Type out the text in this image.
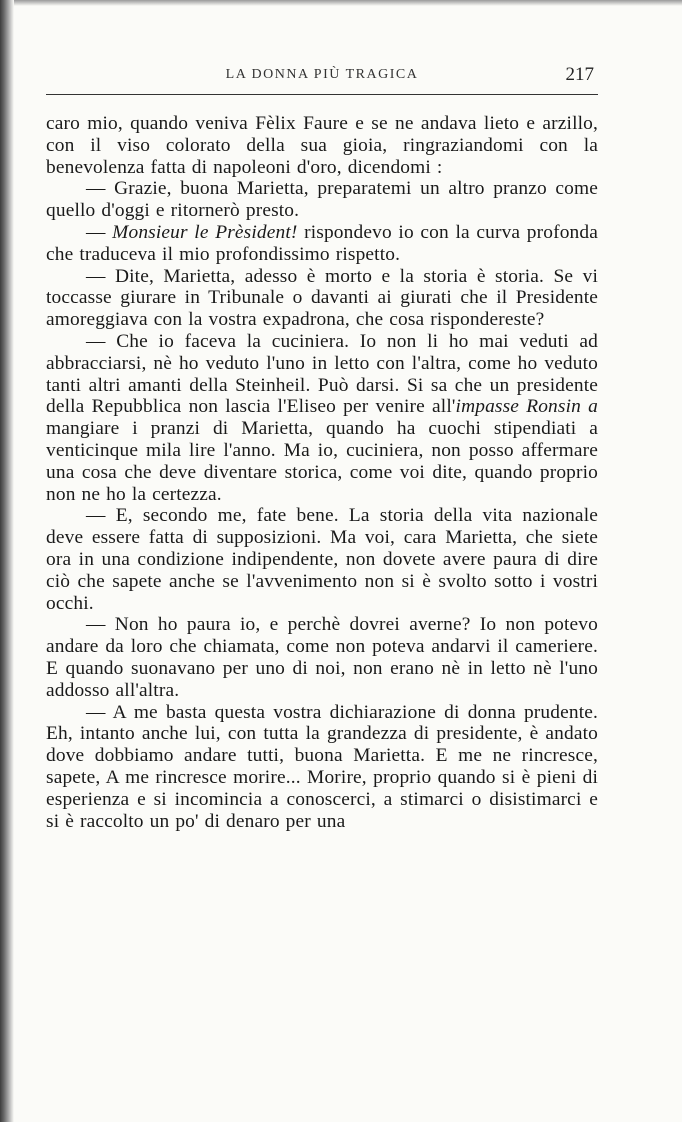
LA DONNA PIÙ TRAGICA	217

caro mio, quando veniva Fèlix Faure e se ne andava lieto e arzillo, con il viso colorato della sua gioia, ringraziandomi con la benevolenza fatta di napoleoni d'oro, dicendomi :

— Grazie, buona Marietta, preparatemi un altro pranzo come quello d'oggi e ritornerò presto.

— Monsieur le Prèsident! rispondevo io con la curva profonda che traduceva il mio profondissimo rispetto.

— Dite, Marietta, adesso è morto e la storia è storia. Se vi toccasse giurare in Tribunale o davanti ai giurati che il Presidente amoreggiava con la vostra expadrona, che cosa rispondereste?

— Che io faceva la cuciniera. Io non li ho mai veduti ad abbracciarsi, nè ho veduto l'uno in letto con l'altra, come ho veduto tanti altri amanti della Steinheil. Può darsi. Si sa che un presidente della Repubblica non lascia l'Eliseo per venire all'impasse Ronsin a mangiare i pranzi di Marietta, quando ha cuochi stipendiati a venticinque mila lire l'anno. Ma io, cuciniera, non posso affermare una cosa che deve diventare storica, come voi dite, quando proprio non ne ho la certezza.

— E, secondo me, fate bene. La storia della vita nazionale deve essere fatta di supposizioni. Ma voi, cara Marietta, che siete ora in una condizione indipendente, non dovete avere paura di dire ciò che sapete anche se l'avvenimento non si è svolto sotto i vostri occhi.

— Non ho paura io, e perchè dovrei averne? Io non potevo andare da loro che chiamata, come non poteva andarvi il cameriere. E quando suonavano per uno di noi, non erano nè in letto nè l'uno addosso all'altra.

— A me basta questa vostra dichiarazione di donna prudente. Eh, intanto anche lui, con tutta la grandezza di presidente, è andato dove dobbiamo andare tutti, buona Marietta. E me ne rincresce, sapete, A me rincresce morire... Morire, proprio quando si è pieni di esperienza e si incomincia a conoscerci, a stimarci o disistimarci e si è raccolto un po' di denaro per una
